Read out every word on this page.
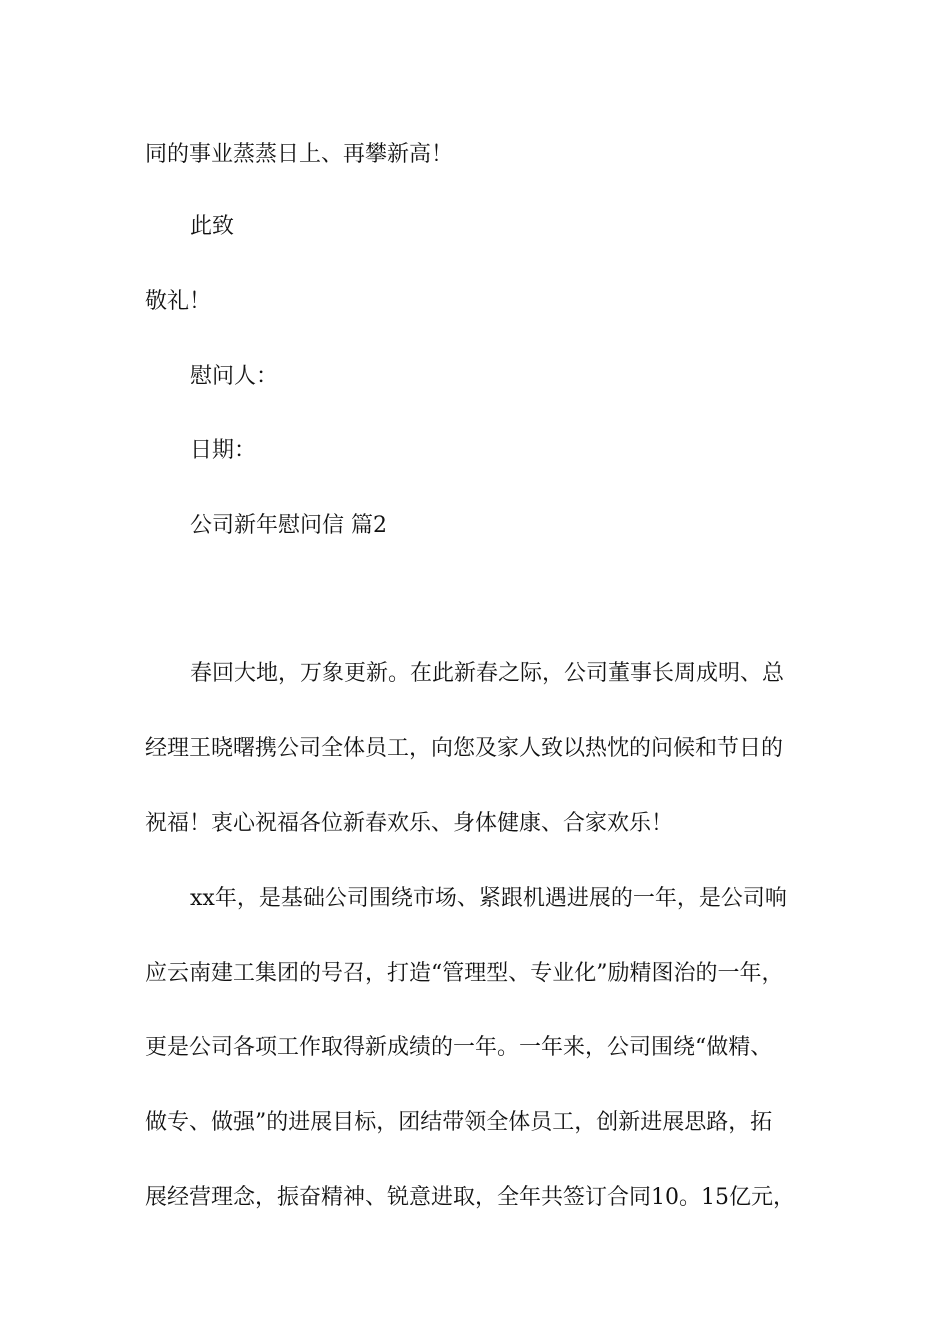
同的事业蒸蒸日上、再攀新高！
此致
敬礼！
慰问人：
日期：
公司新年慰问信 篇2
春回大地，万象更新。在此新春之际，公司董事长周成明、总
经理王晓曙携公司全体员工，向您及家人致以热忱的问候和节日的
祝福！衷心祝福各位新春欢乐、身体健康、合家欢乐！
xx年，是基础公司围绕市场、紧跟机遇进展的一年，是公司响
应云南建工集团的号召，打造“管理型、专业化”励精图治的一年，
更是公司各项工作取得新成绩的一年。一年来，公司围绕“做精、
做专、做强”的进展目标，团结带领全体员工，创新进展思路，拓
展经营理念，振奋精神、锐意进取，全年共签订合同10。15亿元，
